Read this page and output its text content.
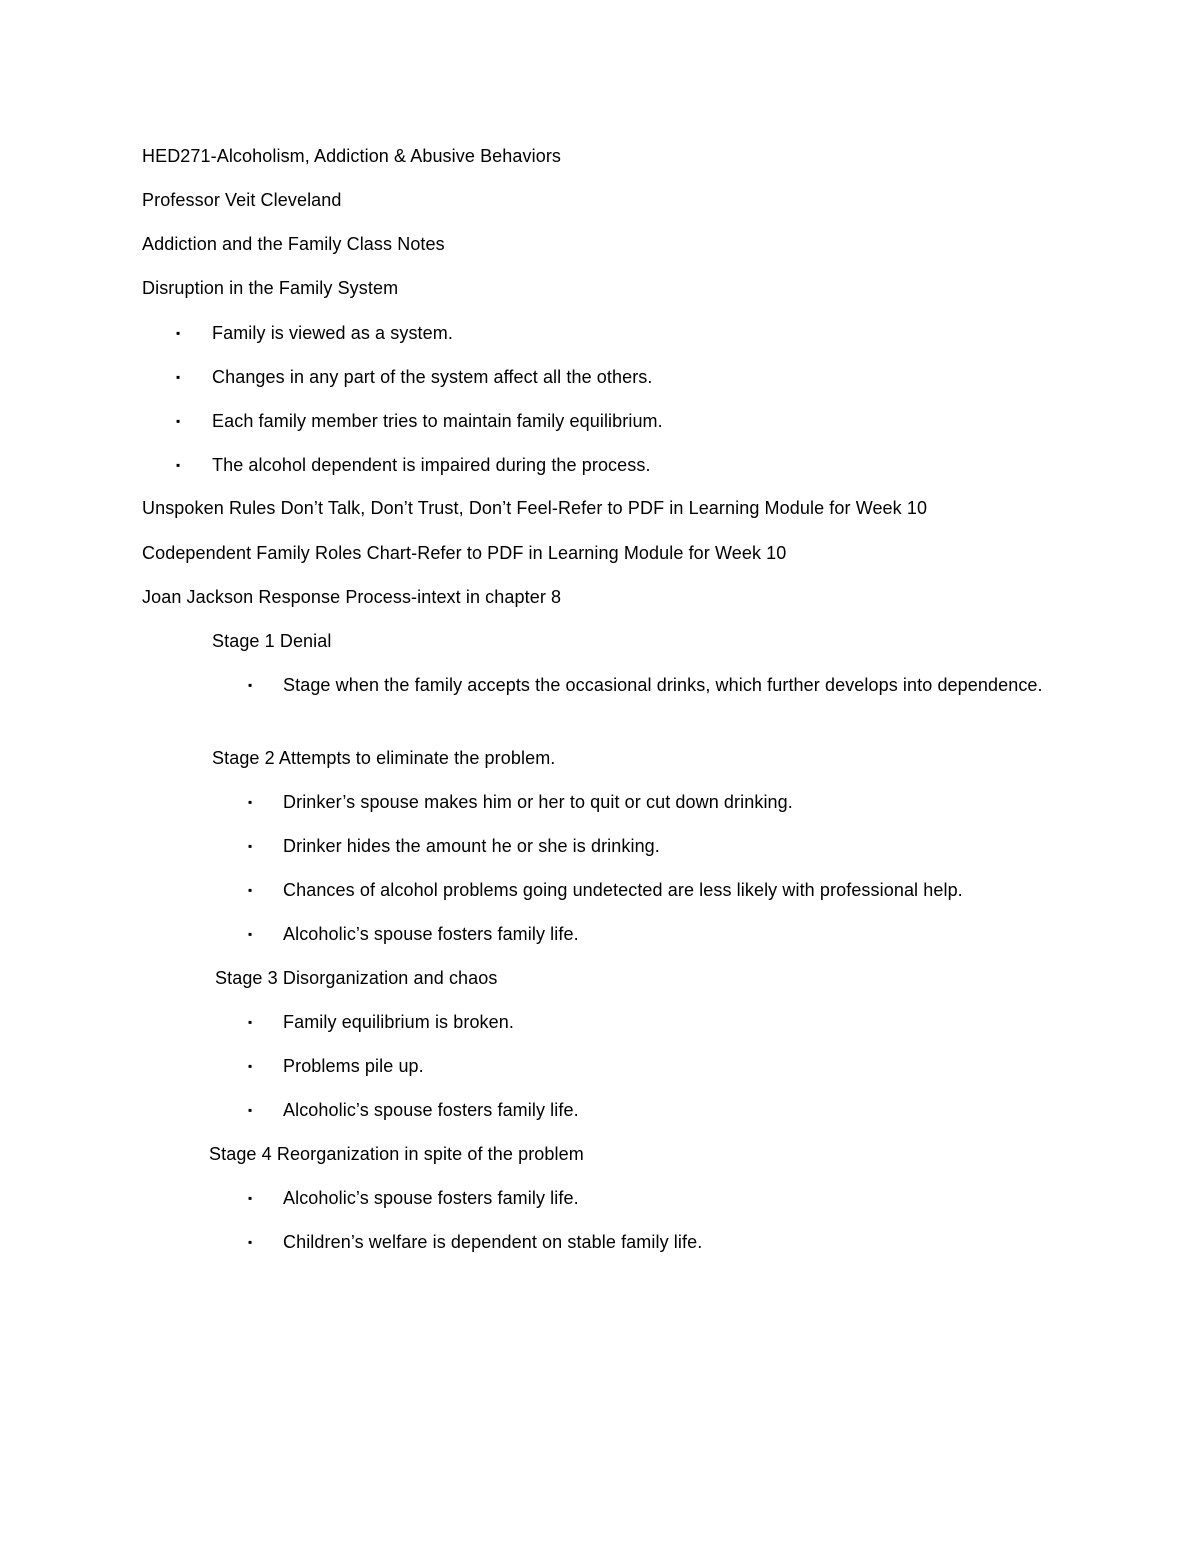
HED271-Alcoholism, Addiction & Abusive Behaviors
Professor Veit Cleveland
Addiction and the Family Class Notes
Disruption in the Family System
▪ Family is viewed as a system.
▪ Changes in any part of the system affect all the others.
▪ Each family member tries to maintain family equilibrium.
▪ The alcohol dependent is impaired during the process.
Unspoken Rules Don’t Talk, Don’t Trust, Don’t Feel-Refer to PDF in Learning Module for Week 10
Codependent Family Roles Chart-Refer to PDF in Learning Module for Week 10
Joan Jackson Response Process-intext in chapter 8
Stage 1 Denial
▪ Stage when the family accepts the occasional drinks, which further develops into dependence.
Stage 2 Attempts to eliminate the problem.
▪ Drinker’s spouse makes him or her to quit or cut down drinking.
▪ Drinker hides the amount he or she is drinking.
▪ Chances of alcohol problems going undetected are less likely with professional help.
▪ Alcoholic’s spouse fosters family life.
Stage 3 Disorganization and chaos
▪ Family equilibrium is broken.
▪ Problems pile up.
▪ Alcoholic’s spouse fosters family life.
Stage 4 Reorganization in spite of the problem
▪ Alcoholic’s spouse fosters family life.
▪ Children’s welfare is dependent on stable family life.
